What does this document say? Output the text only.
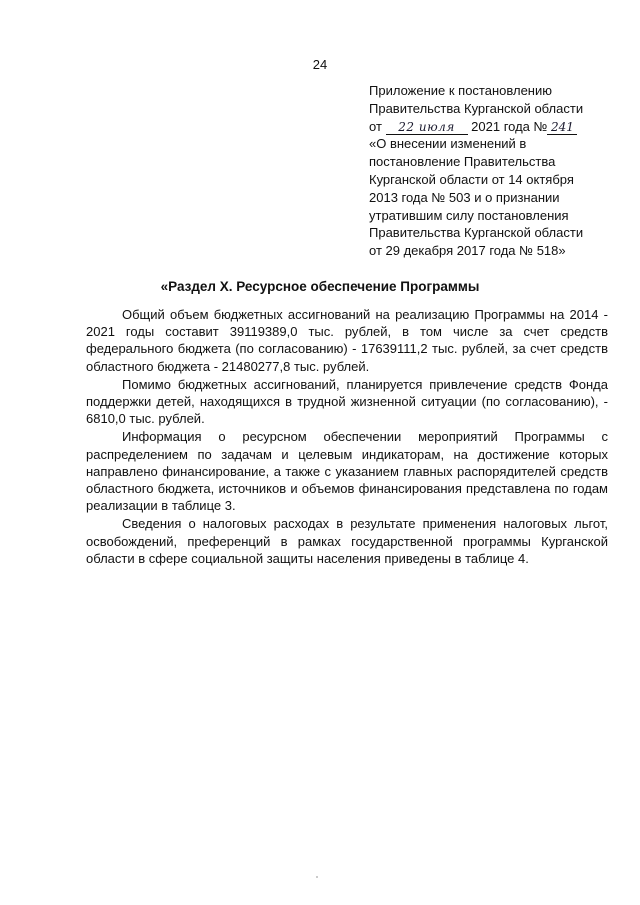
24
Приложение к постановлению
Правительства Курганской области
от 22 июля 2021 года № 241
«О внесении изменений в
постановление Правительства
Курганской области от 14 октября
2013 года № 503 и о признании
утратившим силу постановления
Правительства Курганской области
от 29 декабря 2017 года № 518»
«Раздел X. Ресурсное обеспечение Программы

Общий объем бюджетных ассигнований на реализацию Программы на 2014 - 2021 годы составит 39119389,0 тыс. рублей, в том числе за счет средств федерального бюджета (по согласованию) - 17639111,2 тыс. рублей, за счет средств областного бюджета - 21480277,8 тыс. рублей.

Помимо бюджетных ассигнований, планируется привлечение средств Фонда поддержки детей, находящихся в трудной жизненной ситуации (по согласованию), - 6810,0 тыс. рублей.

Информация о ресурсном обеспечении мероприятий Программы с распределением по задачам и целевым индикаторам, на достижение которых направлено финансирование, а также с указанием главных распорядителей средств областного бюджета, источников и объемов финансирования представлена по годам реализации в таблице 3.

Сведения о налоговых расходах в результате применения налоговых льгот, освобождений, преференций в рамках государственной программы Курганской области в сфере социальной защиты населения приведены в таблице 4.
